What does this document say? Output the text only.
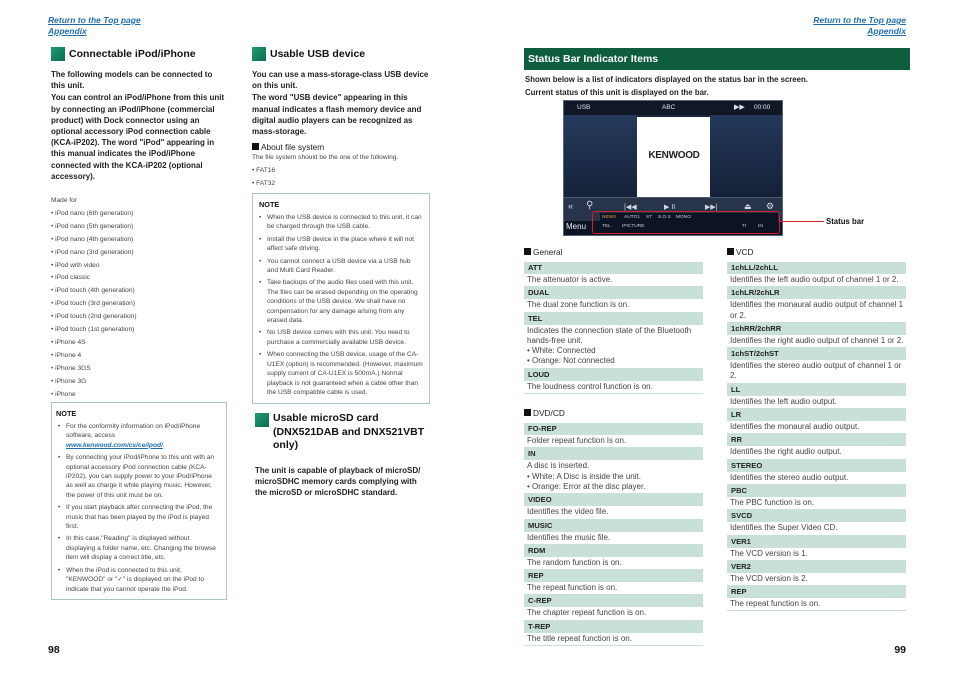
Return to the Top page
Appendix
Connectable iPod/iPhone
The following models can be connected to this unit.
You can control an iPod/iPhone from this unit by connecting an iPod/iPhone (commercial product) with Dock connector using an optional accessory iPod connection cable (KCA-iP202). The word "iPod" appearing in this manual indicates the iPod/iPhone connected with the KCA-iP202 (optional accessory).
Made for
• iPod nano (6th generation)
• iPod nano (5th generation)
• iPod nano (4th generation)
• iPod nano (3rd generation)
• iPod with video
• iPod classic
• iPod touch (4th generation)
• iPod touch (3rd generation)
• iPod touch (2nd generation)
• iPod touch (1st generation)
• iPhone 4S
• iPhone 4
• iPhone 3GS
• iPhone 3G
• iPhone
NOTE
• For the conformity information on iPod/iPhone software, access
www.kenwood.com/cs/ce/ipod/.
• By connecting your iPod/iPhone to this unit with an optional accessory iPod connection cable (KCA-iP202), you can supply power to your iPod/iPhone as well as charge it while playing music. However, the power of this unit must be on.
• If you start playback after connecting the iPod, the music that has been played by the iPod is played first.
• In this case,"Reading" is displayed without displaying a folder name, etc. Changing the browse item will display a correct title, etc.
• When the iPod is connected to this unit, "KENWOOD" or "✓" is displayed on the iPod to indicate that you cannot operate the iPod.
Usable USB device
You can use a mass-storage-class USB device on this unit.
The word "USB device" appearing in this manual indicates a flash memory device and digital audio players can be recognized as mass-storage.
About file system
The file system should be the one of the following.
• FAT16
• FAT32
NOTE
• When the USB device is connected to this unit, it can be charged through the USB cable.
• Install the USB device in the place where it will not affect safe driving.
• You cannot connect a USB device via a USB hub and Multi Card Reader.
• Take backups of the audio files used with this unit. The files can be erased depending on the operating conditions of the USB device. We shall have no compensation for any damage arising from any erased data.
• No USB device comes with this unit. You need to purchase a commercially available USB device.
• When connecting the USB device, usage of the CA-U1EX (option) is recommended. (However, maximum supply current of CA-U1EX is 500mA.) Normal playback is not guaranteed when a cable other than the USB compatible cable is used.
Usable microSD card (DNX521DAB and DNX521VBT only)
The unit is capable of playback of microSD/ microSDHC memory cards complying with the microSD or microSDHC standard.
98
Return to the Top page
Appendix
Status Bar Indicator Items
Shown below is a list of indicators displayed on the status bar in the screen.
Current status of this unit is displayed on the bar.
USB	ABC	▶▶ 00:00
KENWOOD
« ⚲	|◀◀	▶ II	▶▶|	⏏ ⚙
Menu
NEWS AUTO1 ST S.O.S MONO
TEL IPICTURE	TI IN
Status bar
General
ATT
The attenuator is active.
DUAL
The dual zone function is on.
TEL
Indicates the connection state of the Bluetooth hands-free unit.
• White: Connected
• Orange: Not connected
LOUD
The loudness control function is on.
DVD/CD
FO-REP
Folder repeat function is on.
IN
A disc is inserted.
• White: A Disc is inside the unit.
• Orange: Error at the disc player.
VIDEO
Identifies the video file.
MUSIC
Identifies the music file.
RDM
The random function is on.
REP
The repeat function is on.
C-REP
The chapter repeat function is on.
T-REP
The title repeat function is on.
VCD
1chLL/2chLL
Identifies the left audio output of channel 1 or 2.
1chLR/2chLR
Identifies the monaural audio output of channel 1 or 2.
1chRR/2chRR
Identifies the right audio output of channel 1 or 2.
1chST/2chST
Identifies the stereo audio output of channel 1 or 2.
LL
Identifies the left audio output.
LR
Identifies the monaural audio output.
RR
Identifies the right audio output.
STEREO
Identifies the stereo audio output.
PBC
The PBC function is on.
SVCD
Identifies the Super Video CD.
VER1
The VCD version is 1.
VER2
The VCD version is 2.
REP
The repeat function is on.
99
